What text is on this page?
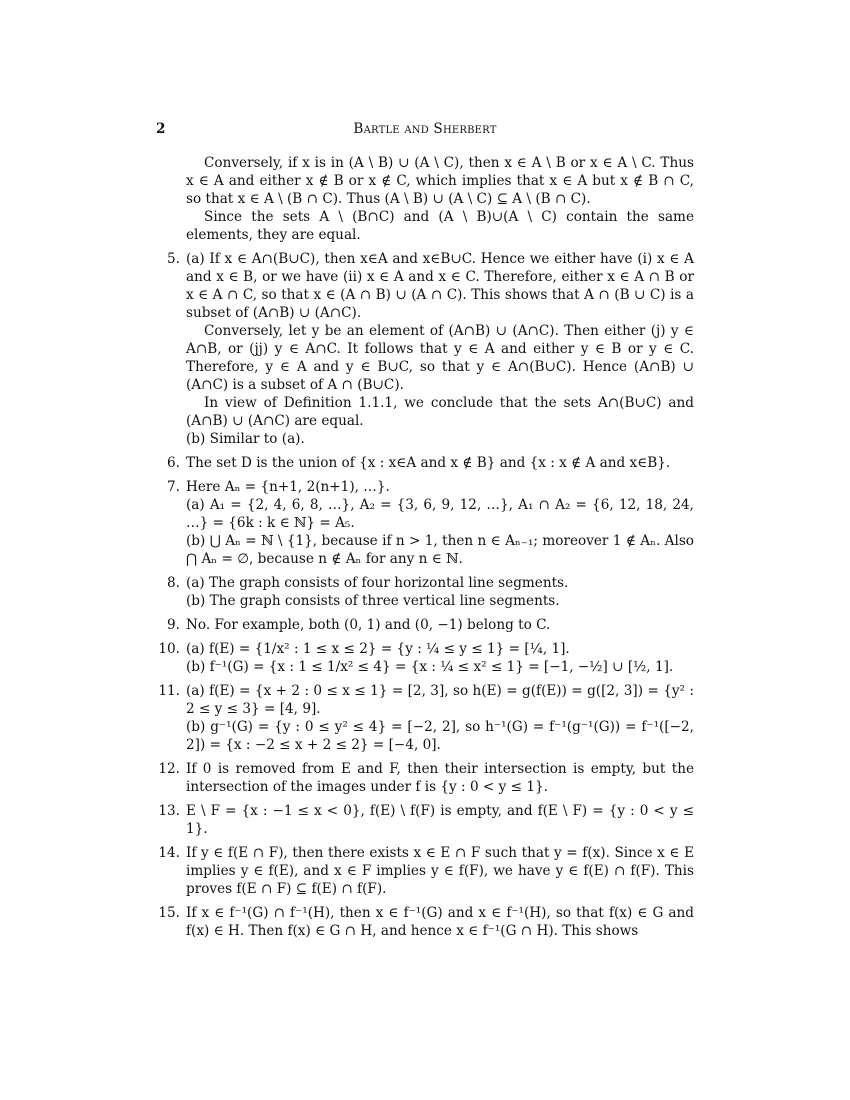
2	Bartle and Sherbert

Conversely, if x is in (A \ B) ∪ (A \ C), then x ∈ A \ B or x ∈ A \ C. Thus x ∈ A and either x ∉ B or x ∉ C, which implies that x ∈ A but x ∉ B ∩ C, so that x ∈ A \ (B ∩ C). Thus (A \ B) ∪ (A \ C) ⊆ A \ (B ∩ C).

Since the sets A \ (B∩C) and (A \ B)∪(A \ C) contain the same elements, they are equal.

5. (a) If x ∈ A∩(B∪C), then x∈A and x∈B∪C. Hence we either have (i) x ∈ A and x ∈ B, or we have (ii) x ∈ A and x ∈ C. Therefore, either x ∈ A ∩ B or x ∈ A ∩ C, so that x ∈ (A ∩ B) ∪ (A ∩ C). This shows that A ∩ (B ∪ C) is a subset of (A∩B) ∪ (A∩C).

Conversely, let y be an element of (A∩B) ∪ (A∩C). Then either (j) y ∈ A∩B, or (jj) y ∈ A∩C. It follows that y ∈ A and either y ∈ B or y ∈ C. Therefore, y ∈ A and y ∈ B∪C, so that y ∈ A∩(B∪C). Hence (A∩B) ∪ (A∩C) is a subset of A ∩ (B∪C).

In view of Definition 1.1.1, we conclude that the sets A∩(B∪C) and (A∩B) ∪ (A∩C) are equal.

(b) Similar to (a).

6. The set D is the union of {x : x∈A and x ∉ B} and {x : x ∉ A and x∈B}.

7. Here Aₙ = {n+1, 2(n+1), …}.

(a) A₁ = {2, 4, 6, 8, …}, A₂ = {3, 6, 9, 12, …}, A₁ ∩ A₂ = {6, 12, 18, 24, …} = {6k : k ∈ ℕ} = A₅.

(b) ⋃ Aₙ = ℕ \ {1}, because if n > 1, then n ∈ Aₙ₋₁; moreover 1 ∉ Aₙ. Also ⋂ Aₙ = ∅, because n ∉ Aₙ for any n ∈ ℕ.

8. (a) The graph consists of four horizontal line segments.

(b) The graph consists of three vertical line segments.

9. No. For example, both (0, 1) and (0, −1) belong to C.

10. (a) f(E) = {1/x² : 1 ≤ x ≤ 2} = {y : ¼ ≤ y ≤ 1} = [¼, 1].

(b) f⁻¹(G) = {x : 1 ≤ 1/x² ≤ 4} = {x : ¼ ≤ x² ≤ 1} = [−1, −½] ∪ [½, 1].

11. (a) f(E) = {x + 2 : 0 ≤ x ≤ 1} = [2, 3], so h(E) = g(f(E)) = g([2, 3]) = {y² : 2 ≤ y ≤ 3} = [4, 9].

(b) g⁻¹(G) = {y : 0 ≤ y² ≤ 4} = [−2, 2], so h⁻¹(G) = f⁻¹(g⁻¹(G)) = f⁻¹([−2, 2]) = {x : −2 ≤ x + 2 ≤ 2} = [−4, 0].

12. If 0 is removed from E and F, then their intersection is empty, but the intersection of the images under f is {y : 0 < y ≤ 1}.

13. E \ F = {x : −1 ≤ x < 0}, f(E) \ f(F) is empty, and f(E \ F) = {y : 0 < y ≤ 1}.

14. If y ∈ f(E ∩ F), then there exists x ∈ E ∩ F such that y = f(x). Since x ∈ E implies y ∈ f(E), and x ∈ F implies y ∈ f(F), we have y ∈ f(E) ∩ f(F). This proves f(E ∩ F) ⊆ f(E) ∩ f(F).

15. If x ∈ f⁻¹(G) ∩ f⁻¹(H), then x ∈ f⁻¹(G) and x ∈ f⁻¹(H), so that f(x) ∈ G and f(x) ∈ H. Then f(x) ∈ G ∩ H, and hence x ∈ f⁻¹(G ∩ H). This shows
